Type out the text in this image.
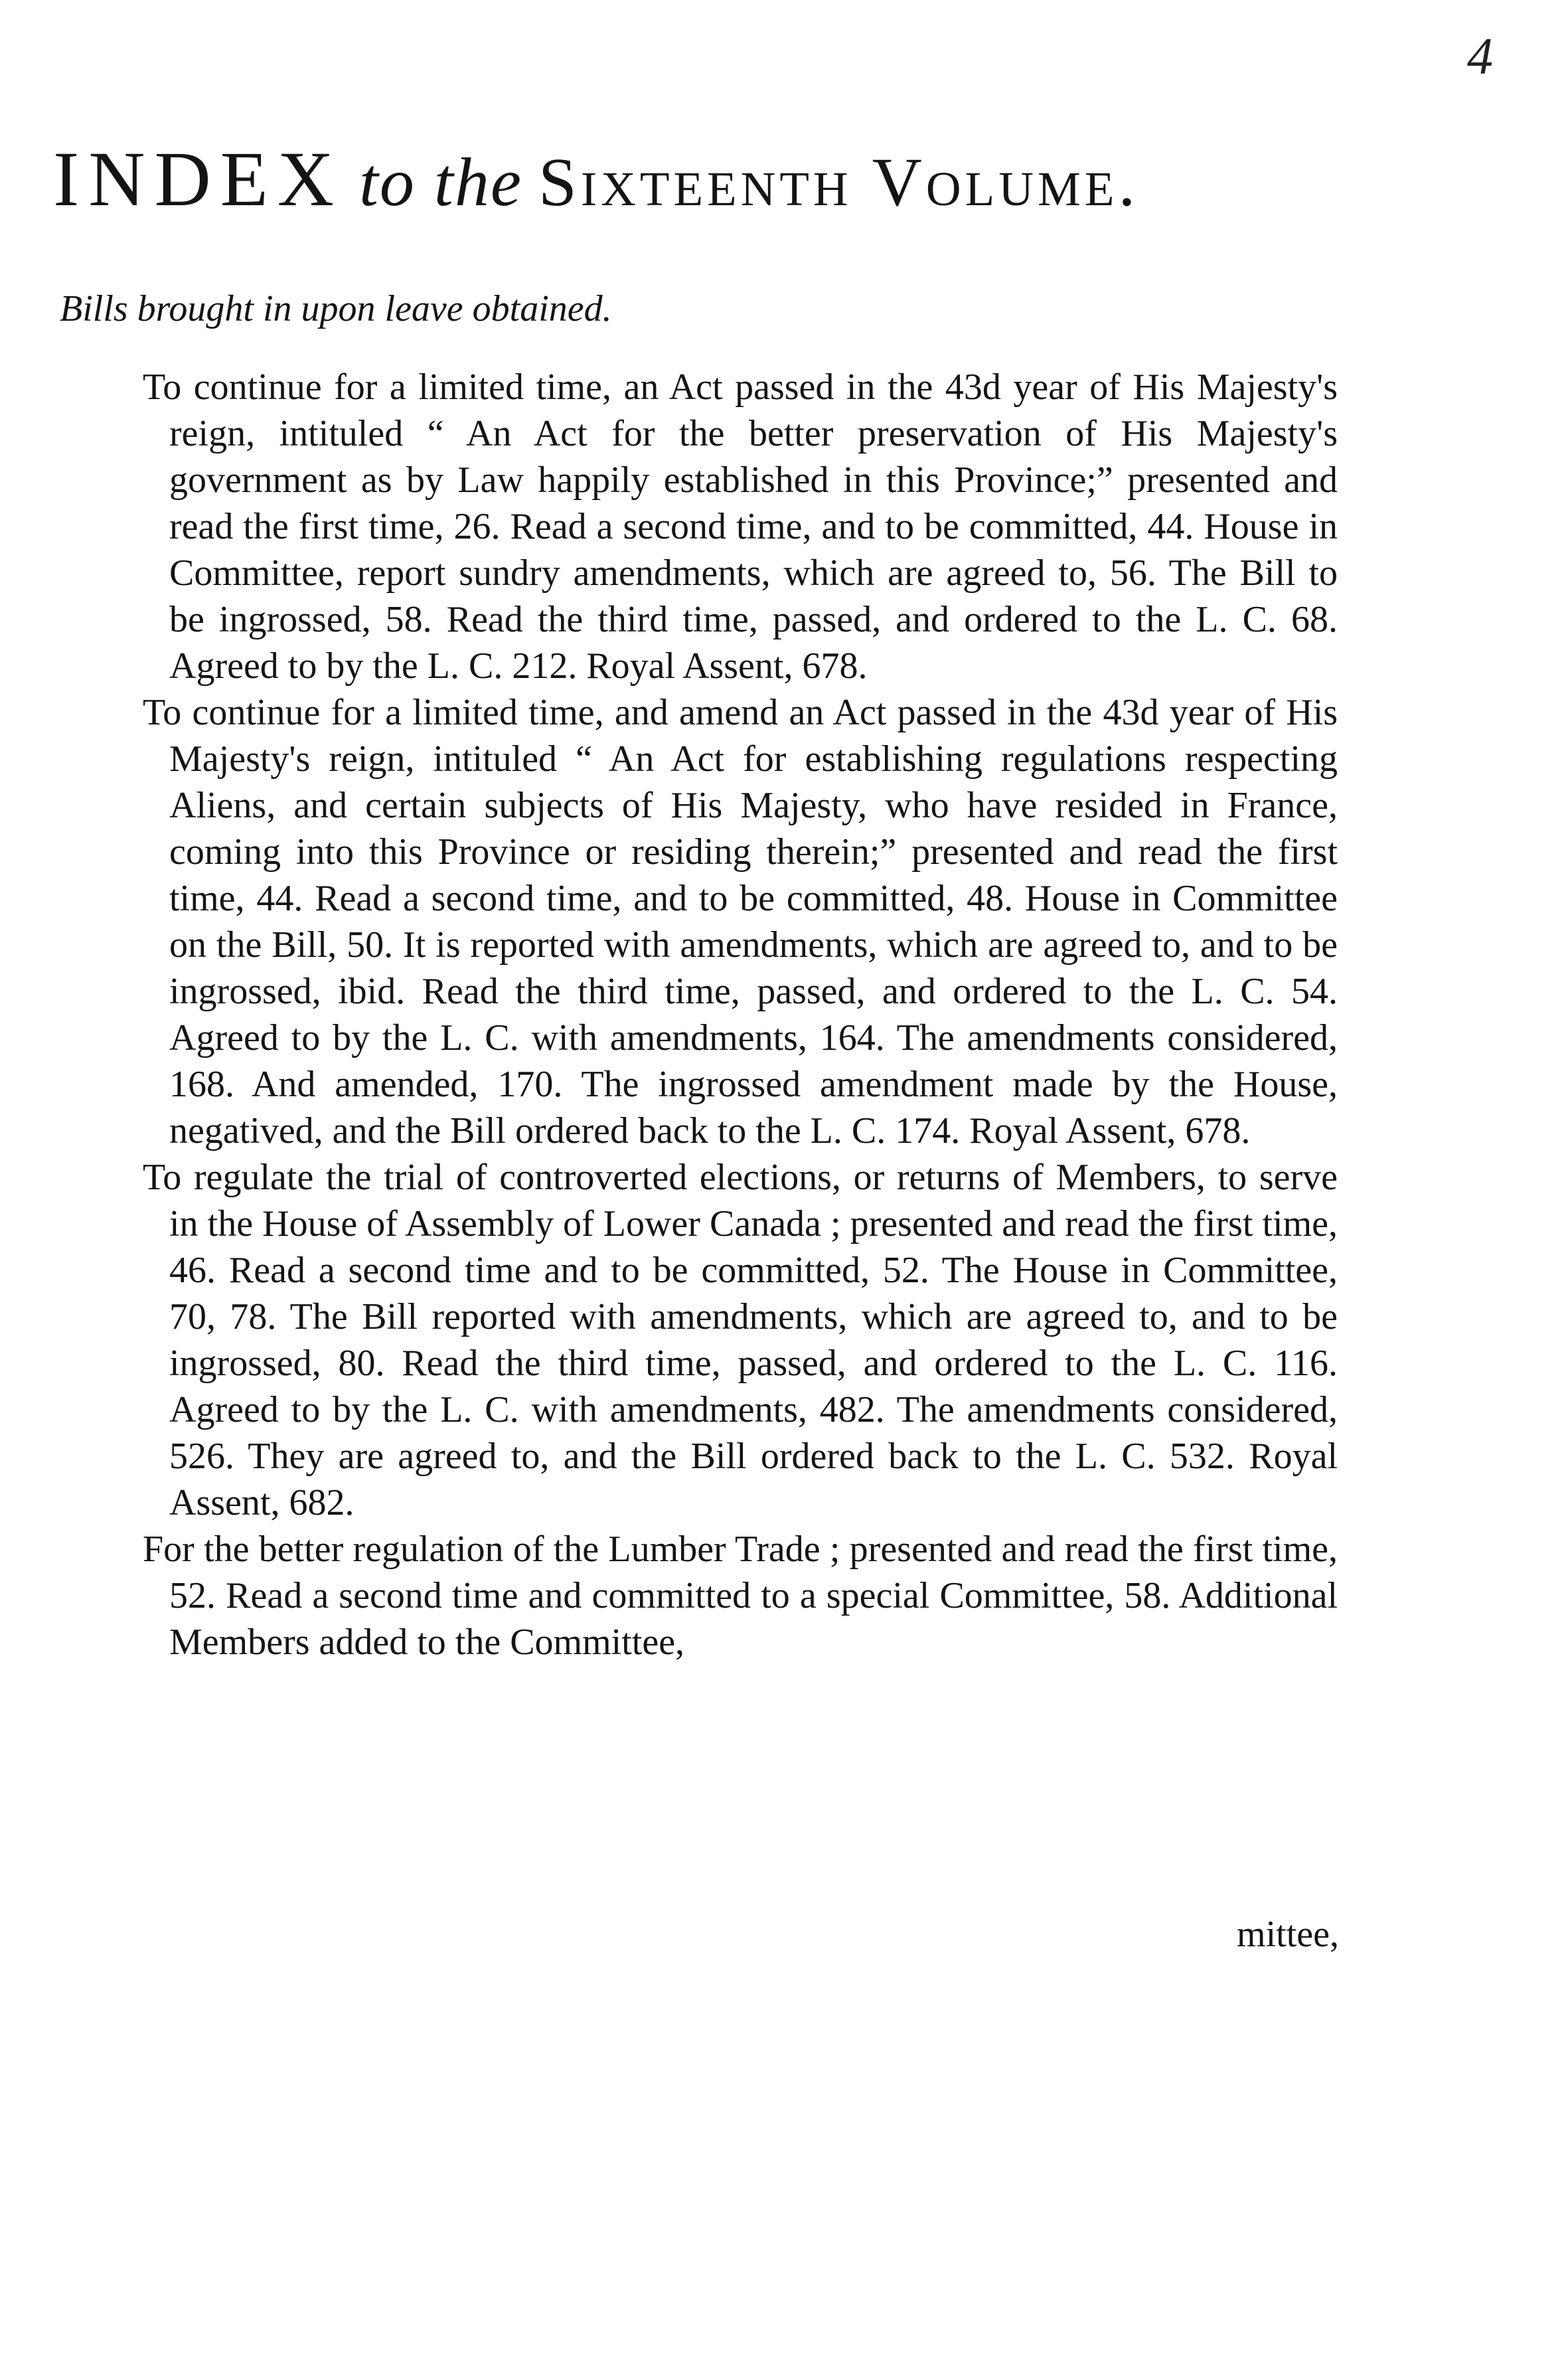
4
INDEX to the Sixteenth Volume.
Bills brought in upon leave obtained.

To continue for a limited time, an Act passed in the 43d year of His Majesty's reign, intituled “ An Act for the better preservation of His Majesty's government as by Law happily established in this Province;” presented and read the first time, 26. Read a second time, and to be committed, 44. House in Committee, report sundry amendments, which are agreed to, 56. The Bill to be ingrossed, 58. Read the third time, passed, and ordered to the L. C. 68. Agreed to by the L. C. 212. Royal Assent, 678.

To continue for a limited time, and amend an Act passed in the 43d year of His Majesty's reign, intituled “ An Act for establishing regulations respecting Aliens, and certain subjects of His Majesty, who have resided in France, coming into this Province or residing therein;” presented and read the first time, 44. Read a second time, and to be committed, 48. House in Committee on the Bill, 50. It is reported with amendments, which are agreed to, and to be ingrossed, ibid. Read the third time, passed, and ordered to the L. C. 54. Agreed to by the L. C. with amendments, 164. The amendments considered, 168. And amended, 170. The ingrossed amendment made by the House, negatived, and the Bill ordered back to the L. C. 174. Royal Assent, 678.

To regulate the trial of controverted elections, or returns of Members, to serve in the House of Assembly of Lower Canada ; presented and read the first time, 46. Read a second time and to be committed, 52. The House in Committee, 70, 78. The Bill reported with amendments, which are agreed to, and to be ingrossed, 80. Read the third time, passed, and ordered to the L. C. 116. Agreed to by the L. C. with amendments, 482. The amendments considered, 526. They are agreed to, and the Bill ordered back to the L. C. 532. Royal Assent, 682.

For the better regulation of the Lumber Trade ; presented and read the first time, 52. Read a second time and committed to a special Committee, 58. Additional Members added to the Committee,

mittee,
